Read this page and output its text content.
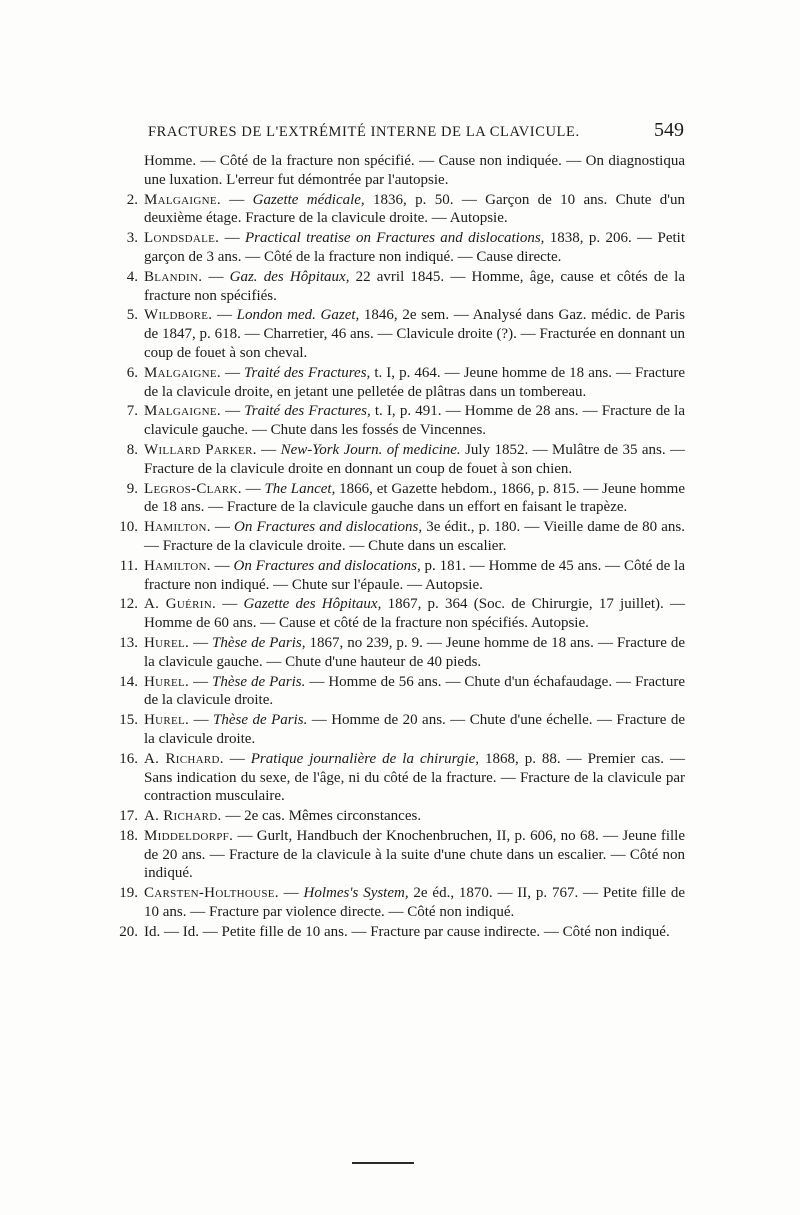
FRACTURES DE L'EXTRÉMITÉ INTERNE DE LA CLAVICULE.	549
Homme. — Côté de la fracture non spécifié. — Cause non indiquée. — On diagnostiqua une luxation. L'erreur fut démontrée par l'autopsie.
2. Malgaigne. — Gazette médicale, 1836, p. 50. — Garçon de 10 ans. Chute d'un deuxième étage. Fracture de la clavicule droite. — Autopsie.
3. Londsdale. — Practical treatise on Fractures and dislocations, 1838, p. 206. — Petit garçon de 3 ans. — Côté de la fracture non indiqué. — Cause directe.
4. Blandin. — Gaz. des Hôpitaux, 22 avril 1845. — Homme, âge, cause et côtés de la fracture non spécifiés.
5. Wildbore. — London med. Gazet, 1846, 2e sem. — Analysé dans Gaz. médic. de Paris de 1847, p. 618. — Charretier, 46 ans. — Clavicule droite (?). — Fracturée en donnant un coup de fouet à son cheval.
6. Malgaigne. — Traité des Fractures, t. I, p. 464. — Jeune homme de 18 ans. — Fracture de la clavicule droite, en jetant une pelletée de plâtras dans un tombereau.
7. Malgaigne. — Traité des Fractures, t. I, p. 491. — Homme de 28 ans. — Fracture de la clavicule gauche. — Chute dans les fossés de Vincennes.
8. Willard Parker. — New-York Journ. of medicine. July 1852. — Mulâtre de 35 ans. — Fracture de la clavicule droite en donnant un coup de fouet à son chien.
9. Legros-Clark. — The Lancet, 1866, et Gazette hebdom., 1866, p. 815. — Jeune homme de 18 ans. — Fracture de la clavicule gauche dans un effort en faisant le trapèze.
10. Hamilton. — On Fractures and dislocations, 3e édit., p. 180. — Vieille dame de 80 ans. — Fracture de la clavicule droite. — Chute dans un escalier.
11. Hamilton. — On Fractures and dislocations, p. 181. — Homme de 45 ans. — Côté de la fracture non indiqué. — Chute sur l'épaule. — Autopsie.
12. A. Guérin. — Gazette des Hôpitaux, 1867, p. 364 (Soc. de Chirurgie, 17 juillet). — Homme de 60 ans. — Cause et côté de la fracture non spécifiés. Autopsie.
13. Hurel. — Thèse de Paris, 1867, no 239, p. 9. — Jeune homme de 18 ans. — Fracture de la clavicule gauche. — Chute d'une hauteur de 40 pieds.
14. Hurel. — Thèse de Paris. — Homme de 56 ans. — Chute d'un échafaudage. — Fracture de la clavicule droite.
15. Hurel. — Thèse de Paris. — Homme de 20 ans. — Chute d'une échelle. — Fracture de la clavicule droite.
16. A. Richard. — Pratique journalière de la chirurgie, 1868, p. 88. — Premier cas. — Sans indication du sexe, de l'âge, ni du côté de la fracture. — Fracture de la clavicule par contraction musculaire.
17. A. Richard. — 2e cas. Mêmes circonstances.
18. Middeldorpf. — Gurlt, Handbuch der Knochenbruchen, II, p. 606, no 68. — Jeune fille de 20 ans. — Fracture de la clavicule à la suite d'une chute dans un escalier. — Côté non indiqué.
19. Carsten-Holthouse. — Holmes's System, 2e éd., 1870. — II, p. 767. — Petite fille de 10 ans. — Fracture par violence directe. — Côté non indiqué.
20. Id. — Id. — Petite fille de 10 ans. — Fracture par cause indirecte. — Côté non indiqué.
